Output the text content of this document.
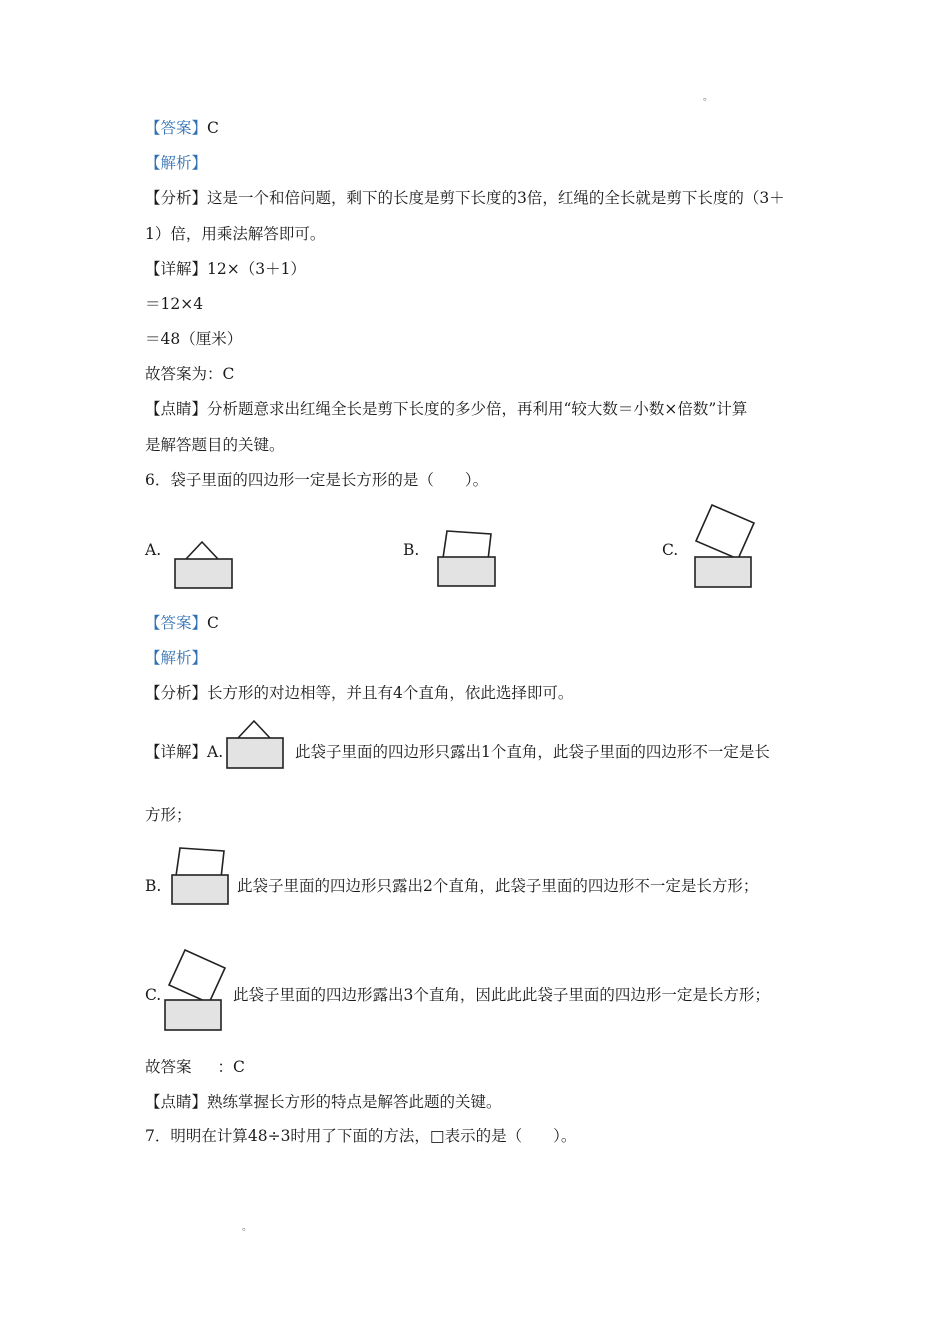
。
。
【答案】C
【解析】
【分析】这是一个和倍问题，剩下的长度是剪下长度的3倍，红绳的全长就是剪下长度的（3＋
1）倍，用乘法解答即可。
【详解】12×（3＋1）
＝12×4
＝48（厘米）
故答案为：C
【点睛】分析题意求出红绳全长是剪下长度的多少倍，再利用“较大数＝小数×倍数”计算
是解答题目的关键。
6．袋子里面的四边形一定是长方形的是（　　）。
A.	B.	C.
【答案】C
【解析】
【分析】长方形的对边相等，并且有4个直角，依此选择即可。
【详解】A.	此袋子里面的四边形只露出1个直角，此袋子里面的四边形不一定是长
方形；
B.	此袋子里面的四边形只露出2个直角，此袋子里面的四边形不一定是长方形；
C.	此袋子里面的四边形露出3个直角，因此此此袋子里面的四边形一定是长方形；
故答案 ：C
【点睛】熟练掌握长方形的特点是解答此题的关键。
7．明明在计算48÷3时用了下面的方法，□表示的是（　　）。
